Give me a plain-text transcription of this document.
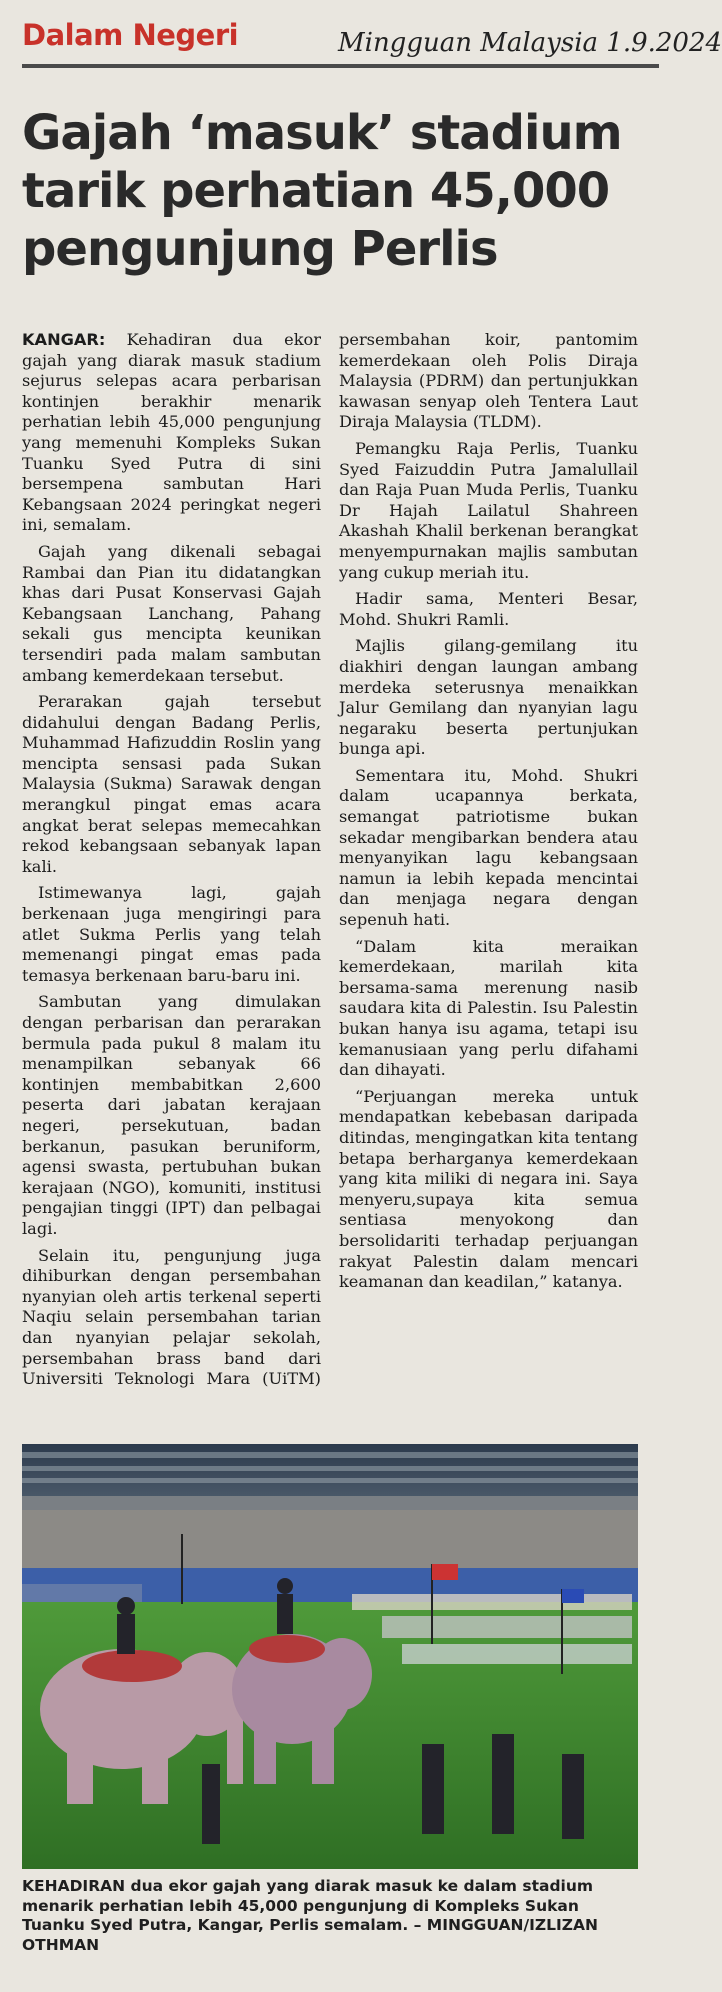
Dalam Negeri	Mingguan Malaysia 1.9.2024
Gajah ‘masuk’ stadium tarik perhatian 45,000 pengunjung Perlis

KANGAR: Kehadiran dua ekor gajah yang diarak masuk stadium sejurus selepas acara perbarisan kontinjen berakhir menarik perhatian lebih 45,000 pengunjung yang memenuhi Kompleks Sukan Tuanku Syed Putra di sini bersempena sambutan Hari Kebangsaan 2024 peringkat negeri ini, semalam.

Gajah yang dikenali sebagai Rambai dan Pian itu didatangkan khas dari Pusat Konservasi Gajah Kebangsaan Lanchang, Pahang sekali gus mencipta keunikan tersendiri pada malam sambutan ambang kemerdekaan tersebut.

Perarakan gajah tersebut didahului dengan Badang Perlis, Muhammad Hafizuddin Roslin yang mencipta sensasi pada Sukan Malaysia (Sukma) Sarawak dengan merangkul pingat emas acara angkat berat selepas memecahkan rekod kebangsaan sebanyak lapan kali.

Istimewanya lagi, gajah berkenaan juga mengiringi para atlet Sukma Perlis yang telah memenangi pingat emas pada temasya berkenaan baru-baru ini.

Sambutan yang dimulakan dengan perbarisan dan perarakan bermula pada pukul 8 malam itu menampilkan sebanyak 66 kontinjen membabitkan 2,600 peserta dari jabatan kerajaan negeri, persekutuan, badan berkanun, pasukan beruniform, agensi swasta, pertubuhan bukan kerajaan (NGO), komuniti, institusi pengajian tinggi (IPT) dan pelbagai lagi.

Selain itu, pengunjung juga dihiburkan dengan persembahan nyanyian oleh artis terkenal seperti Naqiu selain persembahan tarian dan nyanyian pelajar sekolah, persembahan brass band dari Universiti Teknologi Mara (UiTM) persembahan koir, pantomim kemerdekaan oleh Polis Diraja Malaysia (PDRM) dan pertunjukkan kawasan senyap oleh Tentera Laut Diraja Malaysia (TLDM).

Pemangku Raja Perlis, Tuanku Syed Faizuddin Putra Jamalullail dan Raja Puan Muda Perlis, Tuanku Dr Hajah Lailatul Shahreen Akashah Khalil berkenan berangkat menyempurnakan majlis sambutan yang cukup meriah itu.

Hadir sama, Menteri Besar, Mohd. Shukri Ramli.

Majlis gilang-gemilang itu diakhiri dengan laungan ambang merdeka seterusnya menaikkan Jalur Gemilang dan nyanyian lagu negaraku beserta pertunjukan bunga api.

Sementara itu, Mohd. Shukri dalam ucapannya berkata, semangat patriotisme bukan sekadar mengibarkan bendera atau menyanyikan lagu kebangsaan namun ia lebih kepada mencintai dan menjaga negara dengan sepenuh hati.

“Dalam kita meraikan kemerdekaan, marilah kita bersama-sama merenung nasib saudara kita di Palestin. Isu Palestin bukan hanya isu agama, tetapi isu kemanusiaan yang perlu difahami dan dihayati.

“Perjuangan mereka untuk mendapatkan kebebasan daripada ditindas, mengingatkan kita tentang betapa berharganya kemerdekaan yang kita miliki di negara ini. Saya menyeru,supaya kita semua sentiasa menyokong dan bersolidariti terhadap perjuangan rakyat Palestin dalam mencari keamanan dan keadilan,” katanya.

KEHADIRAN dua ekor gajah yang diarak masuk ke dalam stadium menarik perhatian lebih 45,000 pengunjung di Kompleks Sukan Tuanku Syed Putra, Kangar, Perlis semalam. – MINGGUAN/IZLIZAN OTHMAN
